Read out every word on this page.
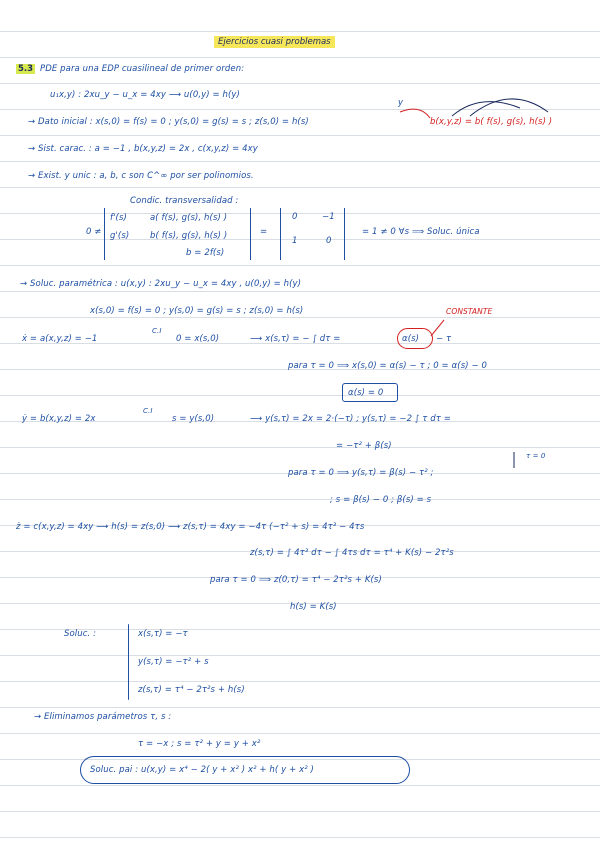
Ejercicios cuasi problemas
5.3 PDE para una EDP cuasilineal de primer orden:
u₁x,y) : 2xu_y − u_x = 4xy ⟶ u(0,y) = h(y)
→ Dato inicial : x(s,0) = f(s) = 0 ; y(s,0) = g(s) = s ; z(s,0) = h(s)
y
b(x,y,z) = b( f(s), g(s), h(s) )
→ Sist. carac. : a = −1 , b(x,y,z) = 2x , c(x,y,z) = 4xy
→ Exist. y unic : a, b, c son C^∞ por ser polinomios.
Condic. transversalidad :
0 ≠
f'(s)	a( f(s), g(s), h(s) )
g'(s) b( f(s), g(s), h(s) )
b = 2f(s)
=
0	−1
1	0
= 1 ≠ 0 ∀s ⟹ Soluc. única
→ Soluc. paramétrica : u(x,y) : 2xu_y − u_x = 4xy , u(0,y) = h(y)
x(s,0) = f(s) = 0 ; y(s,0) = g(s) = s ; z(s,0) = h(s)
ẋ = a(x,y,z) = −1
C.I
0 = x(s,0)	⟶ x(s,τ) = − ∫ dτ =	α(s) − τ
CONSTANTE
para τ = 0 ⟹ x(s,0) = α(s) − τ ; 0 = α(s) − 0
α(s) = 0
ẏ = b(x,y,z) = 2x
C.I
s = y(s,0)	⟶ y(s,τ) = 2x = 2·(−τ) ; y(s,τ) = −2 ∫ τ dτ =
= −τ² + β(s)
para τ = 0 ⟹ y(s,τ) = β(s) − τ² ;
τ = 0
; s = β(s) − 0 ; β(s) = s
ż = c(x,y,z) = 4xy ⟶ h(s) = z(s,0) ⟶ z(s,τ) = 4xy = −4τ (−τ² + s) = 4τ³ − 4τs
z(s,τ) = ∫ 4τ³ dτ − ∫ 4τs dτ = τ⁴ + K(s) − 2τ²s
para τ = 0 ⟹ z(0,τ) = τ⁴ − 2τ²s + K(s)
h(s) = K(s)
Soluc. :	x(s,τ) = −τ
y(s,τ) = −τ² + s
z(s,τ) = τ⁴ − 2τ²s + h(s)
→ Eliminamos parámetros τ, s :
τ = −x ; s = τ² + y = y + x²
Soluc. pai : u(x,y) = x⁴ − 2( y + x² ) x² + h( y + x² )
